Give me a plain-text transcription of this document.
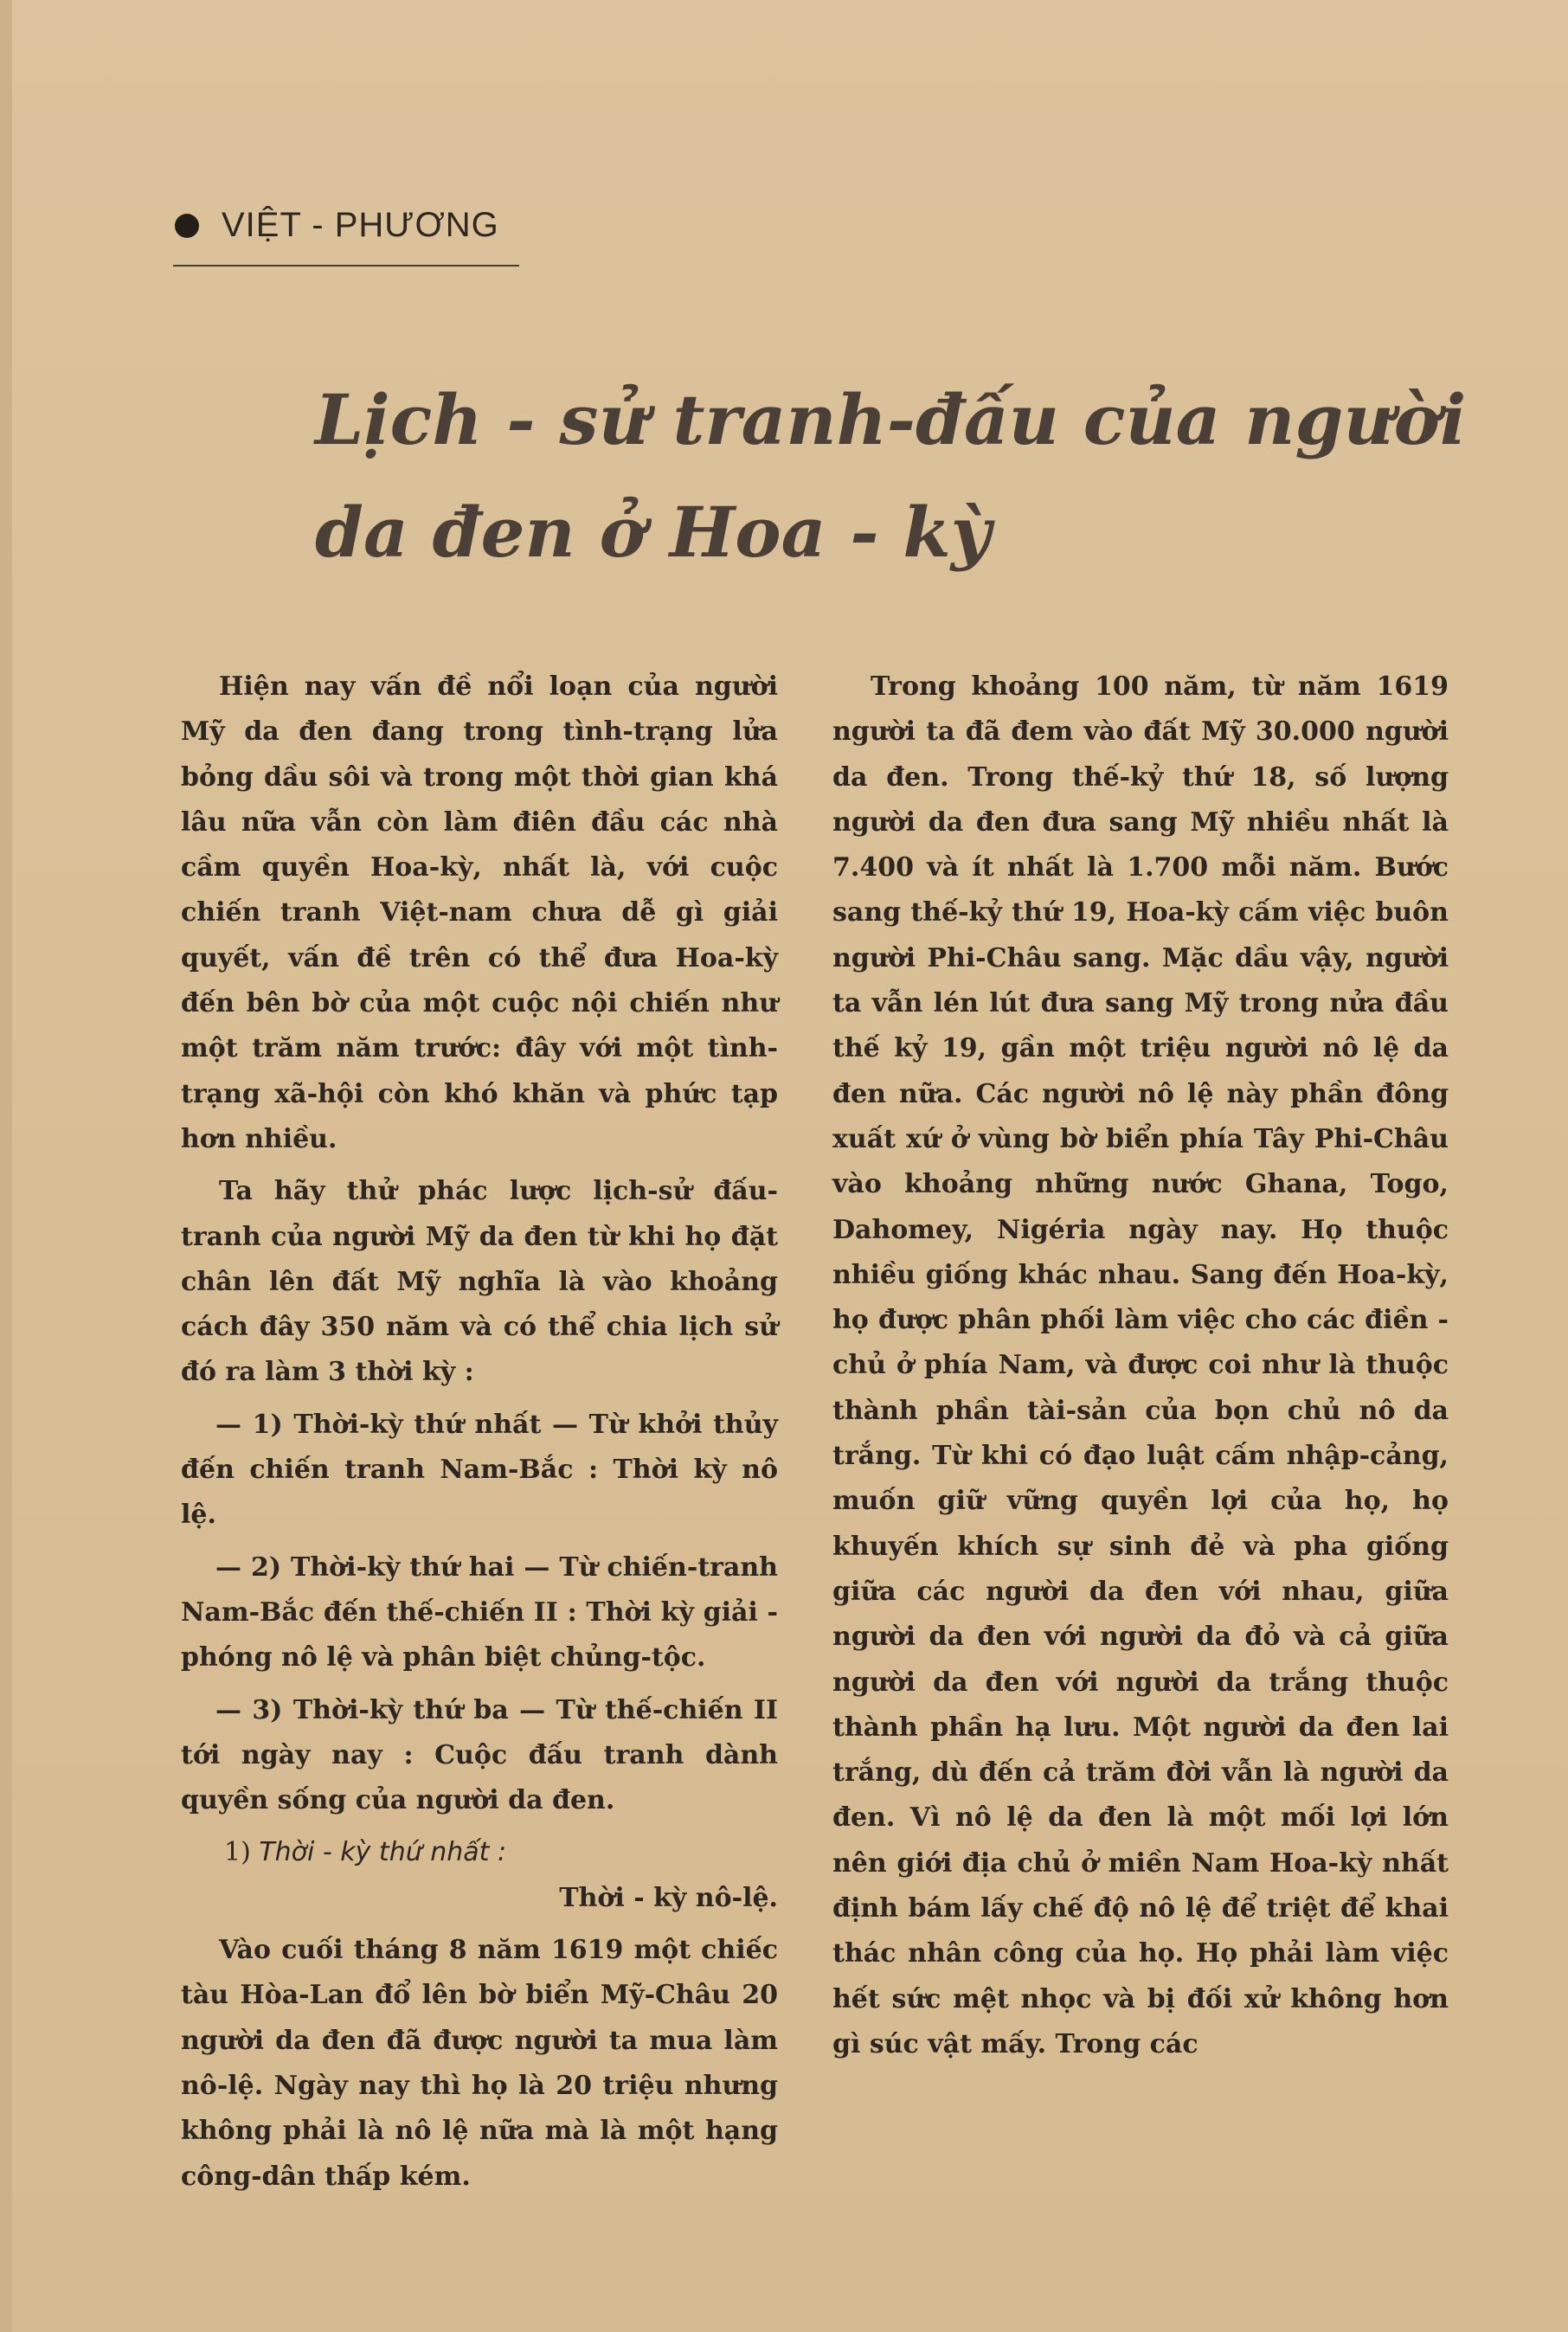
VIỆT - PHƯƠNG
Lịch - sử tranh-đấu của người da đen ở Hoa - kỳ

Hiện nay vấn đề nổi loạn của người Mỹ da đen đang trong tình-trạng lửa bỏng dầu sôi và trong một thời gian khá lâu nữa vẫn còn làm điên đầu các nhà cầm quyền Hoa-kỳ, nhất là, với cuộc chiến tranh Việt-nam chưa dễ gì giải quyết, vấn đề trên có thể đưa Hoa-kỳ đến bên bờ của một cuộc nội chiến như một trăm năm trước: đây với một tình-trạng xã-hội còn khó khăn và phức tạp hơn nhiều.

Ta hãy thử phác lược lịch-sử đấu-tranh của người Mỹ da đen từ khi họ đặt chân lên đất Mỹ nghĩa là vào khoảng cách đây 350 năm và có thể chia lịch sử đó ra làm 3 thời kỳ :

— 1) Thời-kỳ thứ nhất — Từ khởi thủy đến chiến tranh Nam-Bắc : Thời kỳ nô lệ.

— 2) Thời-kỳ thứ hai — Từ chiến-tranh Nam-Bắc đến thế-chiến II : Thời kỳ giải - phóng nô lệ và phân biệt chủng-tộc.

— 3) Thời-kỳ thứ ba — Từ thế-chiến II tới ngày nay : Cuộc đấu tranh dành quyền sống của người da đen.

1) Thời - kỳ thứ nhất :
Thời - kỳ nô-lệ.

Vào cuối tháng 8 năm 1619 một chiếc tàu Hòa-Lan đổ lên bờ biển Mỹ-Châu 20 người da đen đã được người ta mua làm nô-lệ. Ngày nay thì họ là 20 triệu nhưng không phải là nô lệ nữa mà là một hạng công-dân thấp kém.

Trong khoảng 100 năm, từ năm 1619 người ta đã đem vào đất Mỹ 30.000 người da đen. Trong thế-kỷ thứ 18, số lượng người da đen đưa sang Mỹ nhiều nhất là 7.400 và ít nhất là 1.700 mỗi năm. Bước sang thế-kỷ thứ 19, Hoa-kỳ cấm việc buôn người Phi-Châu sang. Mặc dầu vậy, người ta vẫn lén lút đưa sang Mỹ trong nửa đầu thế kỷ 19, gần một triệu người nô lệ da đen nữa. Các người nô lệ này phần đông xuất xứ ở vùng bờ biển phía Tây Phi-Châu vào khoảng những nước Ghana, Togo, Dahomey, Nigéria ngày nay. Họ thuộc nhiều giống khác nhau. Sang đến Hoa-kỳ, họ được phân phối làm việc cho các điền - chủ ở phía Nam, và được coi như là thuộc thành phần tài-sản của bọn chủ nô da trắng. Từ khi có đạo luật cấm nhập-cảng, muốn giữ vững quyền lợi của họ, họ khuyến khích sự sinh đẻ và pha giống giữa các người da đen với nhau, giữa người da đen với người da đỏ và cả giữa người da đen với người da trắng thuộc thành phần hạ lưu. Một người da đen lai trắng, dù đến cả trăm đời vẫn là người da đen. Vì nô lệ da đen là một mối lợi lớn nên giới địa chủ ở miền Nam Hoa-kỳ nhất định bám lấy chế độ nô lệ để triệt để khai thác nhân công của họ. Họ phải làm việc hết sức mệt nhọc và bị đối xử không hơn gì súc vật mấy. Trong các
